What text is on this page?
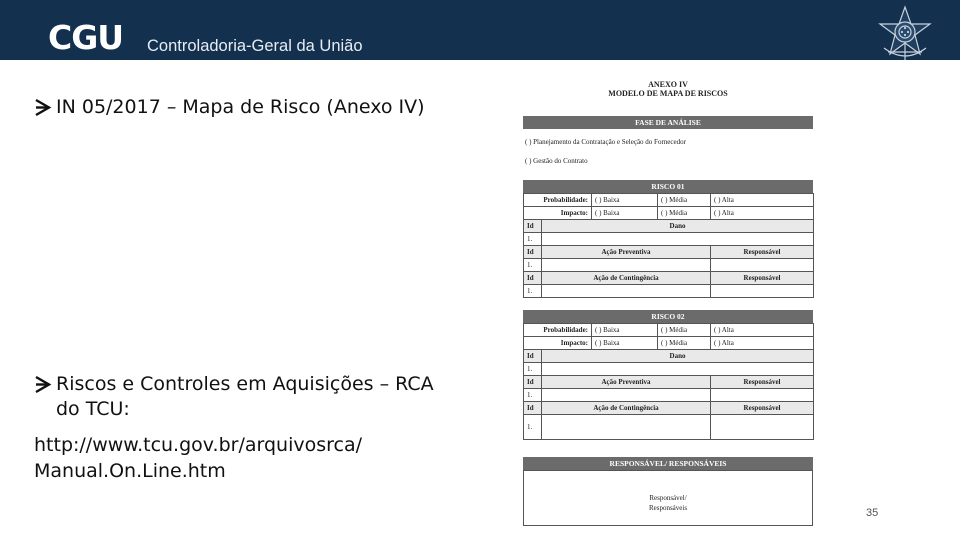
CGU Controladoria-Geral da União
IN 05/2017 – Mapa de Risco (Anexo IV)
Riscos e Controles em Aquisições – RCA do TCU:
http://www.tcu.gov.br/arquivosrca/ Manual.On.Line.htm
ANEXO IV
MODELO DE MAPA DE RISCOS
FASE DE ANÁLISE
( ) Planejamento da Contratação e Seleção do Fornecedor
( ) Gestão do Contrato
RISCO 01
Probabilidade:		( ) Baixa	( ) Média	( ) Alta
Impacto:		( ) Baixa	( ) Média	( ) Alta
Id	Dano			
1.				
Id	Ação Preventiva			Responsável
1.				
Id	Ação de Contingência			Responsável
1.				
RISCO 02
Probabilidade:		( ) Baixa	( ) Média	( ) Alta
Impacto:		( ) Baixa	( ) Média	( ) Alta
Id	Dano			
1.				
Id	Ação Preventiva			Responsável
1.				
Id	Ação de Contingência			Responsável
1.				
RESPONSÁVEL/ RESPONSÁVEIS
Responsável/
Responsáveis	35
